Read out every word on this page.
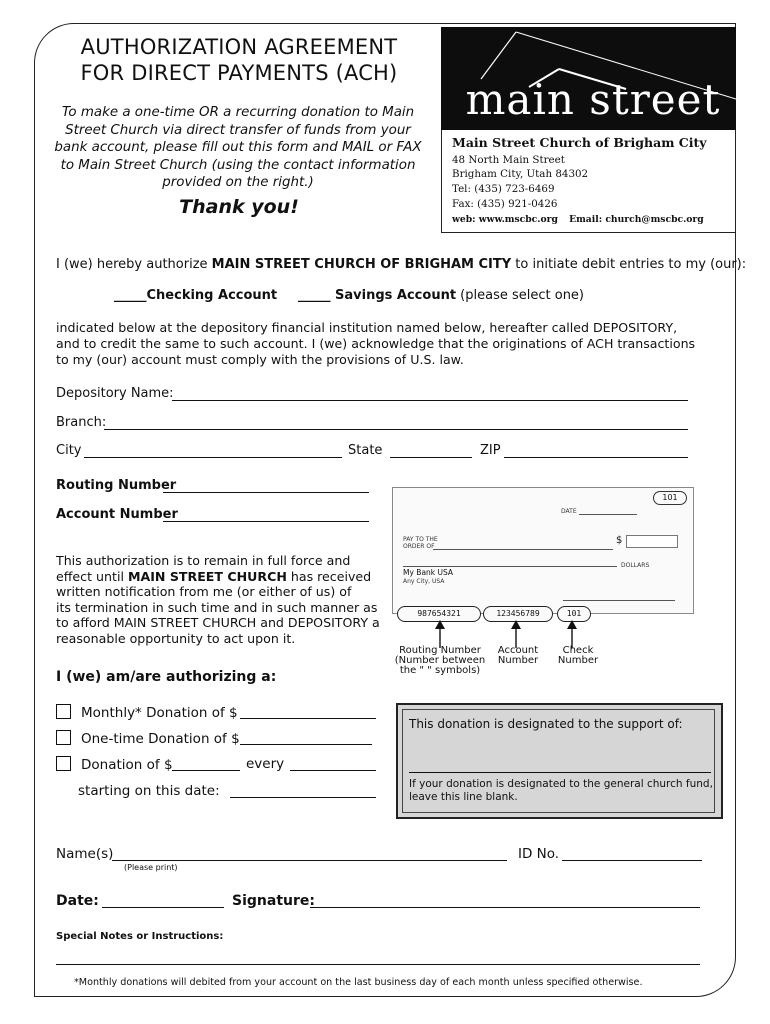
AUTHORIZATION AGREEMENT
FOR DIRECT PAYMENTS (ACH)
To make a one-time OR a recurring donation to Main
Street Church via direct transfer of funds from your
bank account, please fill out this form and MAIL or FAX
to Main Street Church (using the contact information
provided on the right.)
Thank you!
main street
Main Street Church of Brigham City
48 North Main Street
Brigham City, Utah 84302
Tel: (435) 723-6469
Fax: (435) 921-0426
web: www.mscbc.org Email: church@mscbc.org
I (we) hereby authorize MAIN STREET CHURCH OF BRIGHAM CITY to initiate debit entries to my (our):
_____Checking Account _____ Savings Account (please select one)
indicated below at the depository financial institution named below, hereafter called DEPOSITORY,
and to credit the same to such account. I (we) acknowledge that the originations of ACH transactions
to my (our) account must comply with the provisions of U.S. law.
Depository Name:
Branch:
City	State	ZIP
Routing Number
Account Number
101
DATE
PAY TO THE
ORDER OF
$
DOLLARS
My Bank USA
Any City, USA
987654321	123456789	101
Routing Number
(Number between
the " " symbols)
Account
Number
Check
Number
This authorization is to remain in full force and
effect until MAIN STREET CHURCH has received
written notification from me (or either of us) of
its termination in such time and in such manner as
to afford MAIN STREET CHURCH and DEPOSITORY a
reasonable opportunity to act upon it.
I (we) am/are authorizing a:
Monthly* Donation of $
One-time Donation of $
Donation of $	every
starting on this date:
This donation is designated to the support of:
If your donation is designated to the general church fund,
leave this line blank.
Name(s)
(Please print)
ID No.
Date:	Signature:
Special Notes or Instructions:
*Monthly donations will debited from your account on the last business day of each month unless specified otherwise.
